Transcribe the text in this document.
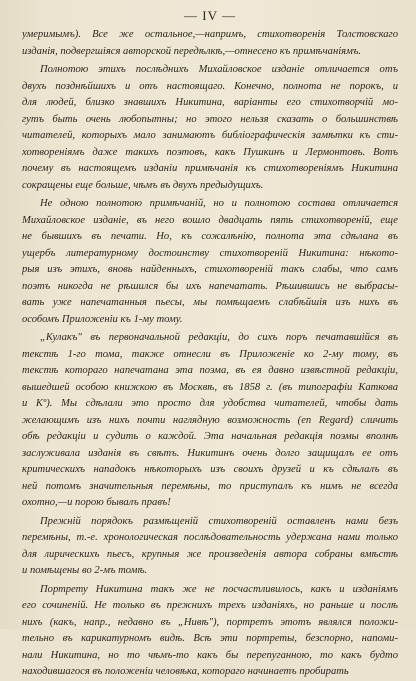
— IV —
умеримымъ). Все же остальное,—напримъ, стихотворенія Толстовскаго
изданія, подвергшіяся авторской передѣлкѣ,—отнесено къ примѣчаніямъ.
Полнотою этихъ послѣднихъ Михайловское изданіе отличается отъ
двухъ позднѣйшихъ и отъ настоящаго. Конечно, полнота не порокъ, и
для людей, близко знавшихъ Никитина, варіанты его стихотворчій мо-
гутъ быть очень любопытны; но этого нельзя сказать о большинствѣ
читателей, которыхъ мало занимаютъ библіографическія замѣтки къ сти-
хотвореніямъ даже такихъ поэтовъ, какъ Пушкинъ и Лермонтовъ. Вотъ
почему въ настоящемъ изданіи примѣчанія къ стихотвореніямъ Никитина
сокращены еще больше, чѣмъ въ двухъ предыдущихъ.
Не одною полнотою примѣчаній, но и полнотою состава отличается
Михайловское изданіе, въ него вошло двадцать пять стихотвореній, еще
не бывшихъ въ печати. Но, къ сожалѣнію, полнота эта сдѣлана въ
ущербъ литературному достоинству стихотвореній Никитина: нѣкото-
рыя изъ этихъ, вновь найденныхъ, стихотвореній такъ слабы, что самъ
поэтъ никогда не рѣшился бы ихъ напечатать. Рѣшившись не выбрасы-
вать уже напечатанныя пьесы, мы помѣщаемъ слабѣйшія изъ нихъ въ
особомъ Приложеніи къ 1-му тому.
„Кулакъ" въ первоначальной редакціи, до сихъ поръ печатавшійся въ
текстѣ 1-го тома, также отнесли въ Приложеніе ко 2-му тому, въ
текстѣ которaго напечатана эта поэма, въ ея давно извѣстной редакціи,
вышедшей особою книжкою въ Москвѣ, въ 1858 г. (въ типографіи Каткова
и Кº). Мы сдѣлали это просто для удобства читателей, чтобы дать
желающимъ изъ нихъ почти наглядную возможность (en Regard) сличить
обѣ редакціи и судить о каждой. Эта начальная редакція поэмы вполнѣ
заслуживала изданія въ свѣтъ. Никитинъ очень долго защищалъ ее отъ
критическихъ нападокъ нѣкоторыхъ изъ своихъ друзей и къ сдѣлалъ въ
ней потомъ значительныя перемѣны, то приступалъ къ нимъ не всегда
охотно,—и порою бывалъ правъ!
Прежній порядокъ размѣщеній стихотвореній оставленъ нами безъ
перемѣны, т.-е. хронологическая послѣдовательность удержана нами только
для лирическихъ пьесъ, крупныя же произведенія автора собраны вмѣстѣ
и помѣщены во 2-мъ томѣ.
Портрету Никитина такъ же не посчастливилось, какъ и изданіямъ
его сочиненій. Не только въ прежнихъ трехъ изданіяхъ, но раньше и послѣ
нихъ (какъ, напр., недавно въ „Нивѣ"), портретъ этотъ являлся положи-
тельно въ карикатурномъ видѣ. Всѣ эти портреты, безспорно, напоми-
нали Никитина, но то чѣмъ-то какъ бы перепуганною, то какъ будто
находившагося въ положеніи человѣка, которaго начинаетъ пробирать
